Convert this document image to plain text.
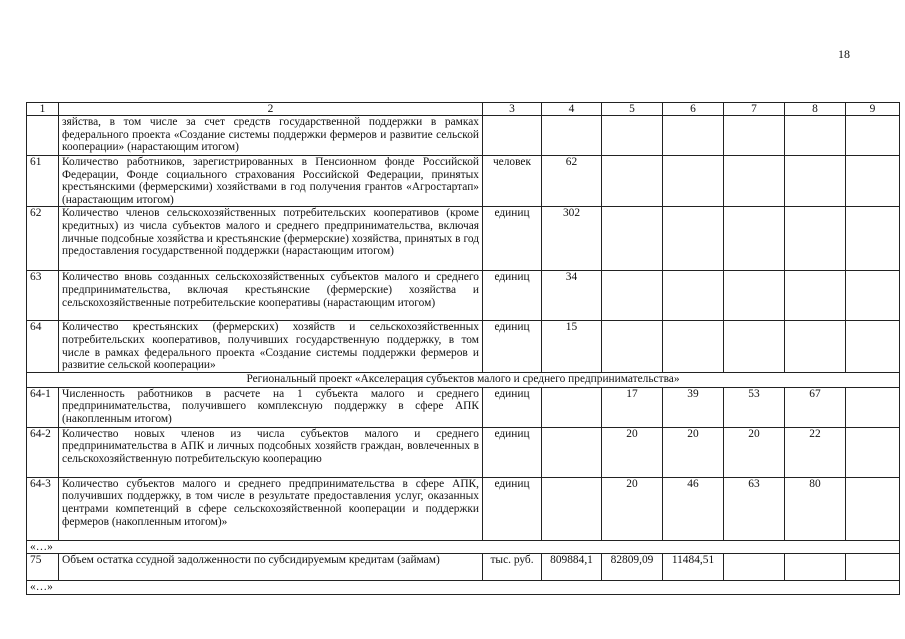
18
1	2	3	4	5	6	7	8	9
	зяйства, в том числе за счет средств государственной поддержки в рамках федерального проекта «Создание системы поддержки фермеров и развитие сельской кооперации» (нарастающим итогом)							
61	Количество работников, зарегистрированных в Пенсионном фонде Российской Федерации, Фонде социального страхования Российской Федерации, принятых крестьянскими (фермерскими) хозяйствами в год получения грантов «Агростартап» (нарастающим итогом)	человек	62					
62	Количество членов сельскохозяйственных потребительских кооперативов (кроме кредитных) из числа субъектов малого и среднего предпринимательства, включая личные подсобные хозяйства и крестьянские (фермерские) хозяйства, принятых в год предоставления государственной поддержки (нарастающим итогом)	единиц	302					
63	Количество вновь созданных сельскохозяйственных субъектов малого и среднего предпринимательства, включая крестьянские (фермерские) хозяйства и сельскохозяйственные потребительские кооперативы (нарастающим итогом)	единиц	34					
64	Количество крестьянских (фермерских) хозяйств и сельскохозяйственных потребительских кооперативов, получивших государственную поддержку, в том числе в рамках федерального проекта «Создание системы поддержки фермеров и развитие сельской кооперации»	единиц	15					
Региональный проект «Акселерация субъектов малого и среднего предпринимательства»								
64-1	Численность работников в расчете на 1 субъекта малого и среднего предпринимательства, получившего комплексную поддержку в сфере АПК (накопленным итогом)	единиц		17	39	53	67	
64-2	Количество новых членов из числа субъектов малого и среднего предпринимательства в АПК и личных подсобных хозяйств граждан, вовлеченных в сельскохозяйственную потребительскую кооперацию	единиц		20	20	20	22	
64-3	Количество субъектов малого и среднего предпринимательства в сфере АПК, получивших поддержку, в том числе в результате предоставления услуг, оказанных центрами компетенций в сфере сельскохозяйственной кооперации и поддержки фермеров (накопленным итогом)»	единиц		20	46	63	80	
«…»								
75	Объем остатка ссудной задолженности по субсидируемым кредитам (займам)	тыс. руб.	809884,1	82809,09	11484,51			
«…»								
